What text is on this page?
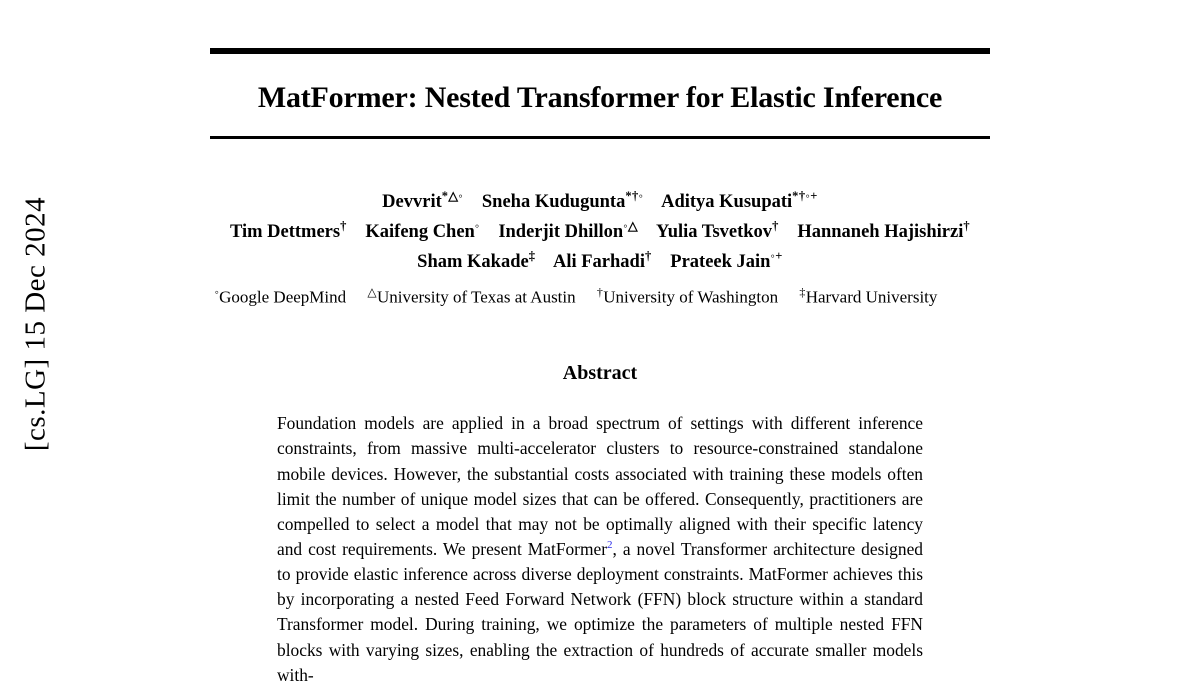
[cs.LG] 15 Dec 2024
MatFormer: Nested Transformer for Elastic Inference
Devvrit*△◦ Sneha Kudugunta*†◦ Aditya Kusupati*†◦+
Tim Dettmers† Kaifeng Chen◦ Inderjit Dhillon◦△ Yulia Tsvetkov† Hannaneh Hajishirzi†
Sham Kakade‡ Ali Farhadi† Prateek Jain◦+
◦Google DeepMind △University of Texas at Austin †University of Washington ‡Harvard University
Abstract
Foundation models are applied in a broad spectrum of settings with different inference constraints, from massive multi-accelerator clusters to resource-constrained standalone mobile devices. However, the substantial costs associated with training these models often limit the number of unique model sizes that can be offered. Consequently, practitioners are compelled to select a model that may not be optimally aligned with their specific latency and cost requirements. We present MatFormer$^2$, a novel Transformer architecture designed to provide elastic inference across diverse deployment constraints. MatFormer achieves this by incorporating a nested Feed Forward Network (FFN) block structure within a standard Transformer model. During training, we optimize the parameters of multiple nested FFN blocks with varying sizes, enabling the extraction of hundreds of accurate smaller models with-
